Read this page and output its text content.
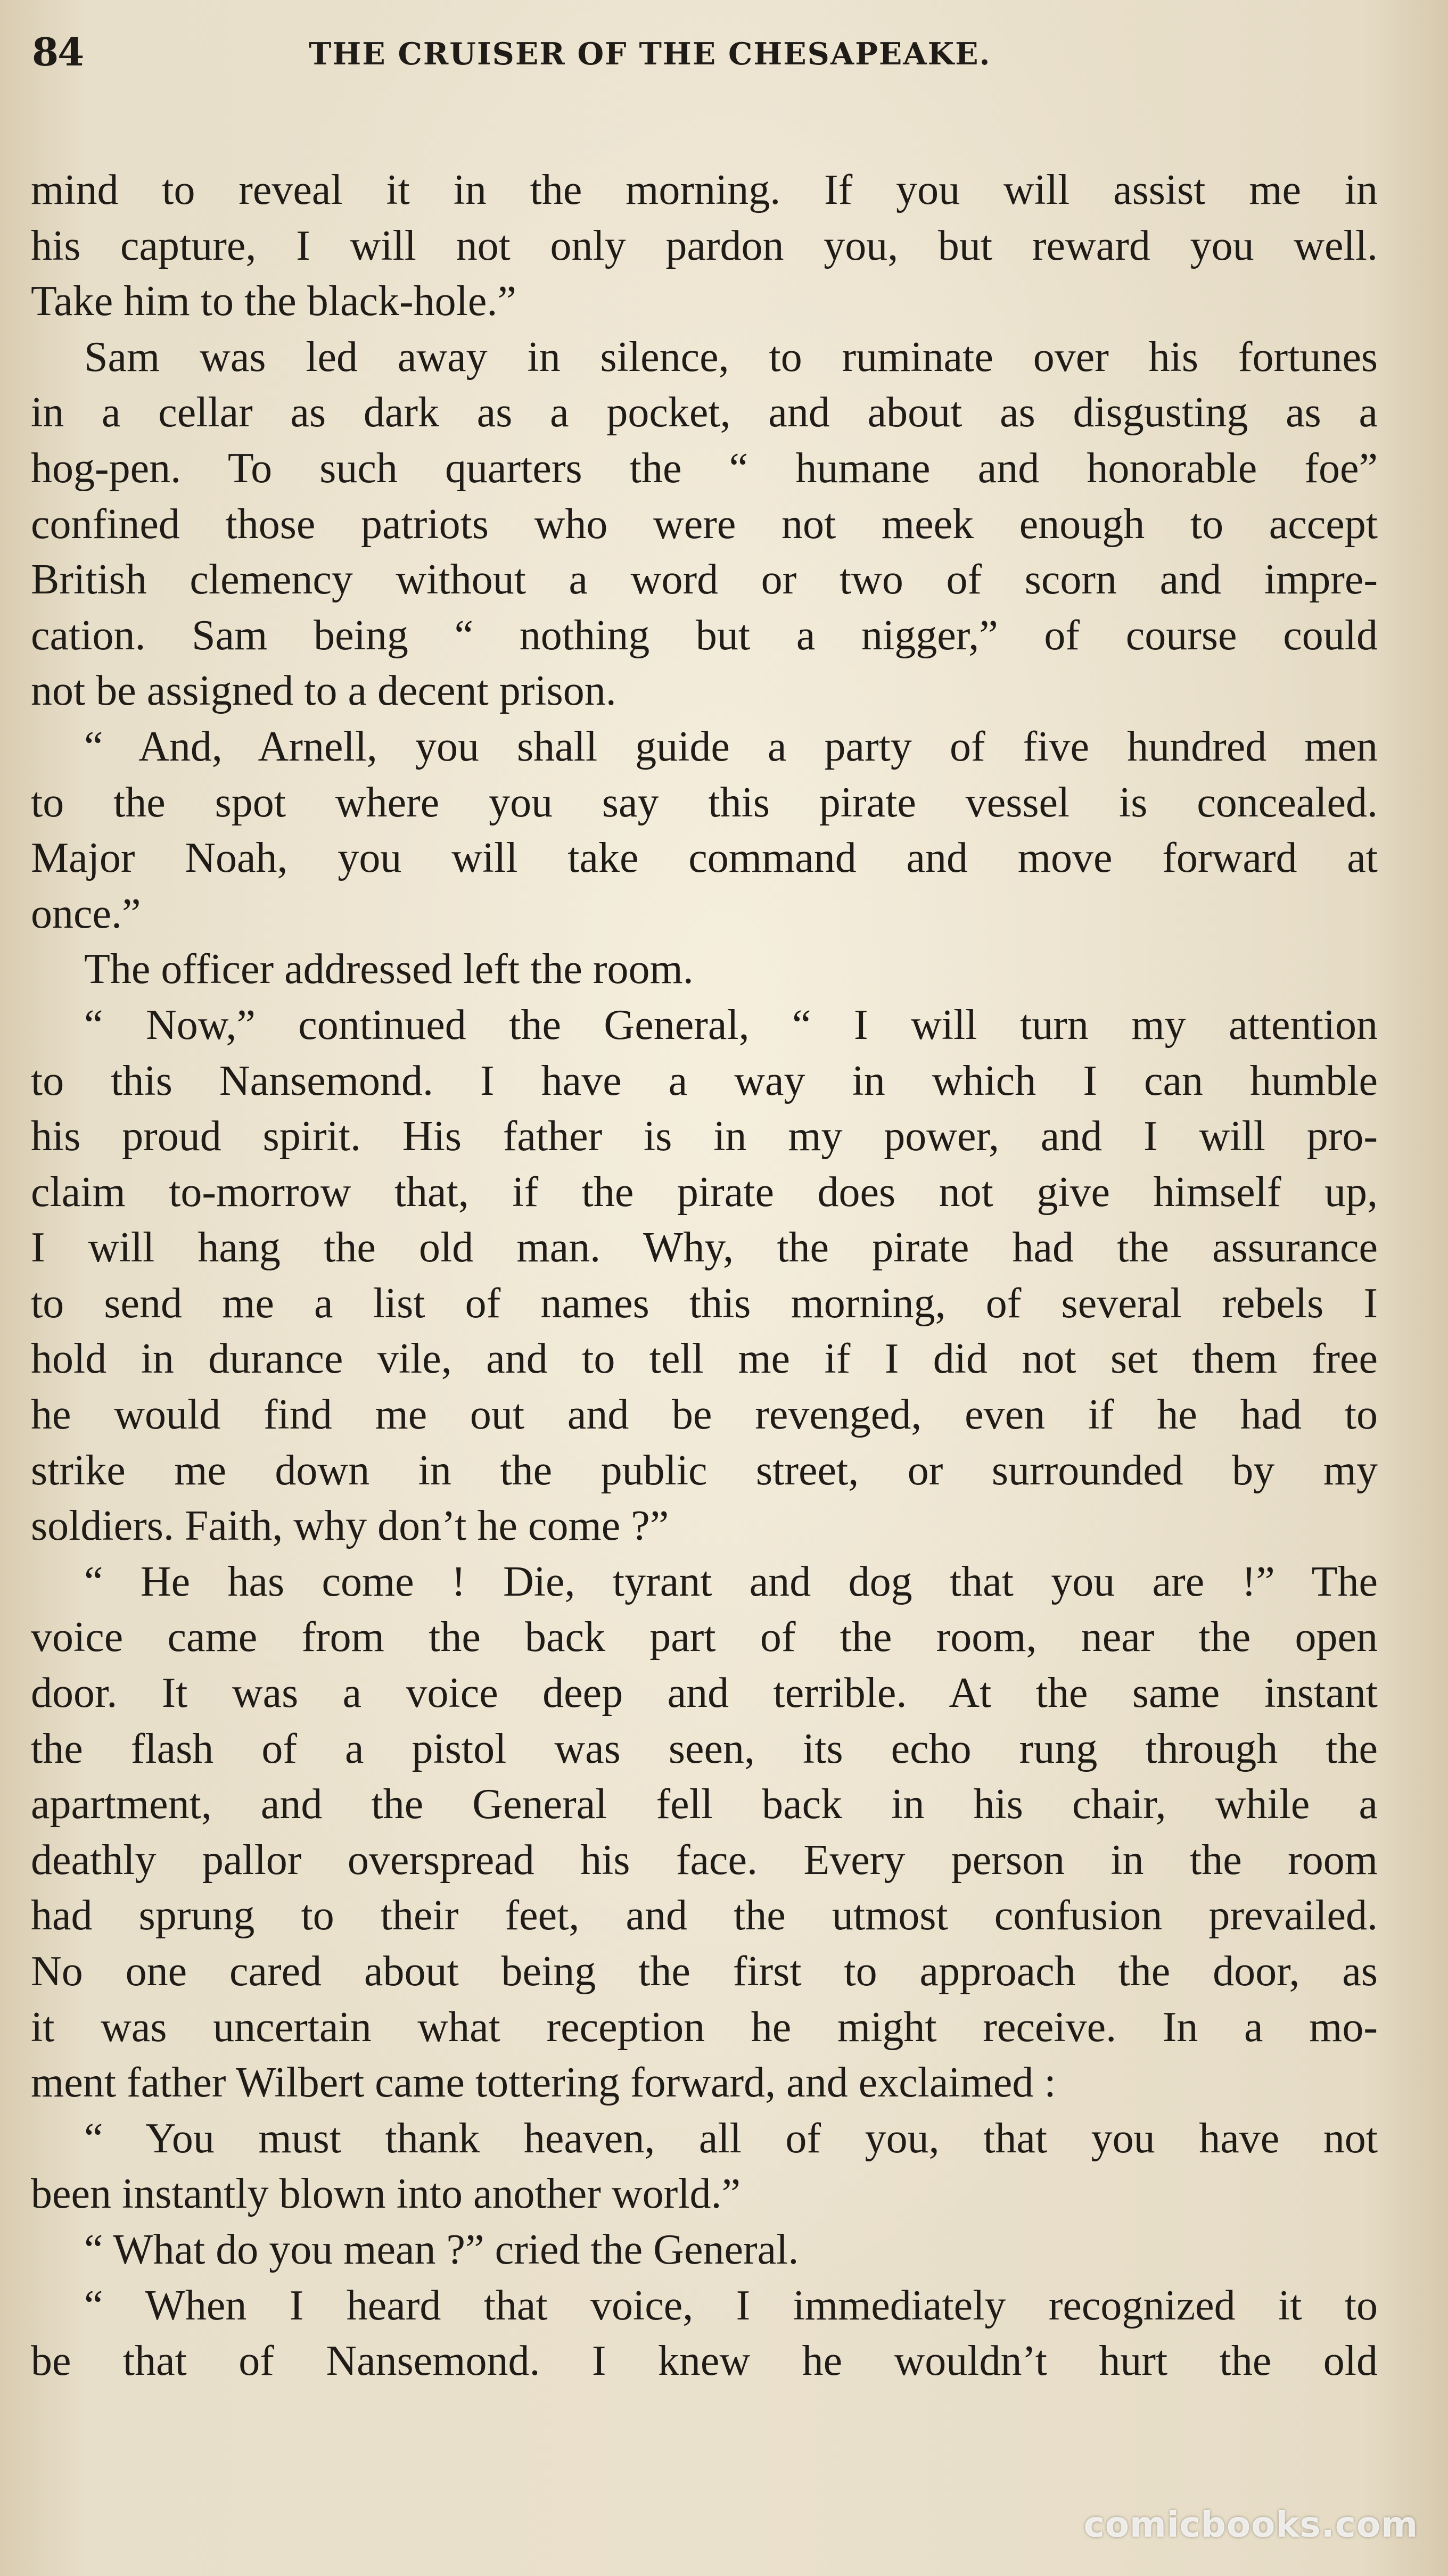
84	THE CRUISER OF THE CHESAPEAKE.
mind to reveal it in the morning. If you will assist me in
his capture, I will not only pardon you, but reward you well.
Take him to the black-hole.”
Sam was led away in silence, to ruminate over his fortunes
in a cellar as dark as a pocket, and about as disgusting as a
hog-pen. To such quarters the “ humane and honorable foe”
confined those patriots who were not meek enough to accept
British clemency without a word or two of scorn and impre-
cation. Sam being “ nothing but a nigger,” of course could
not be assigned to a decent prison.
“ And, Arnell, you shall guide a party of five hundred men
to the spot where you say this pirate vessel is concealed.
Major Noah, you will take command and move forward at
once.”
The officer addressed left the room.
“ Now,” continued the General, “ I will turn my attention
to this Nansemond. I have a way in which I can humble
his proud spirit. His father is in my power, and I will pro-
claim to-morrow that, if the pirate does not give himself up,
I will hang the old man. Why, the pirate had the assurance
to send me a list of names this morning, of several rebels I
hold in durance vile, and to tell me if I did not set them free
he would find me out and be revenged, even if he had to
strike me down in the public street, or surrounded by my
soldiers. Faith, why don’t he come ?”
“ He has come ! Die, tyrant and dog that you are !” The
voice came from the back part of the room, near the open
door. It was a voice deep and terrible. At the same instant
the flash of a pistol was seen, its echo rung through the
apartment, and the General fell back in his chair, while a
deathly pallor overspread his face. Every person in the room
had sprung to their feet, and the utmost confusion prevailed.
No one cared about being the first to approach the door, as
it was uncertain what reception he might receive. In a mo-
ment father Wilbert came tottering forward, and exclaimed :
“ You must thank heaven, all of you, that you have not
been instantly blown into another world.”
“ What do you mean ?” cried the General.
“ When I heard that voice, I immediately recognized it to
be that of Nansemond. I knew he wouldn’t hurt the old
comicbooks.com
